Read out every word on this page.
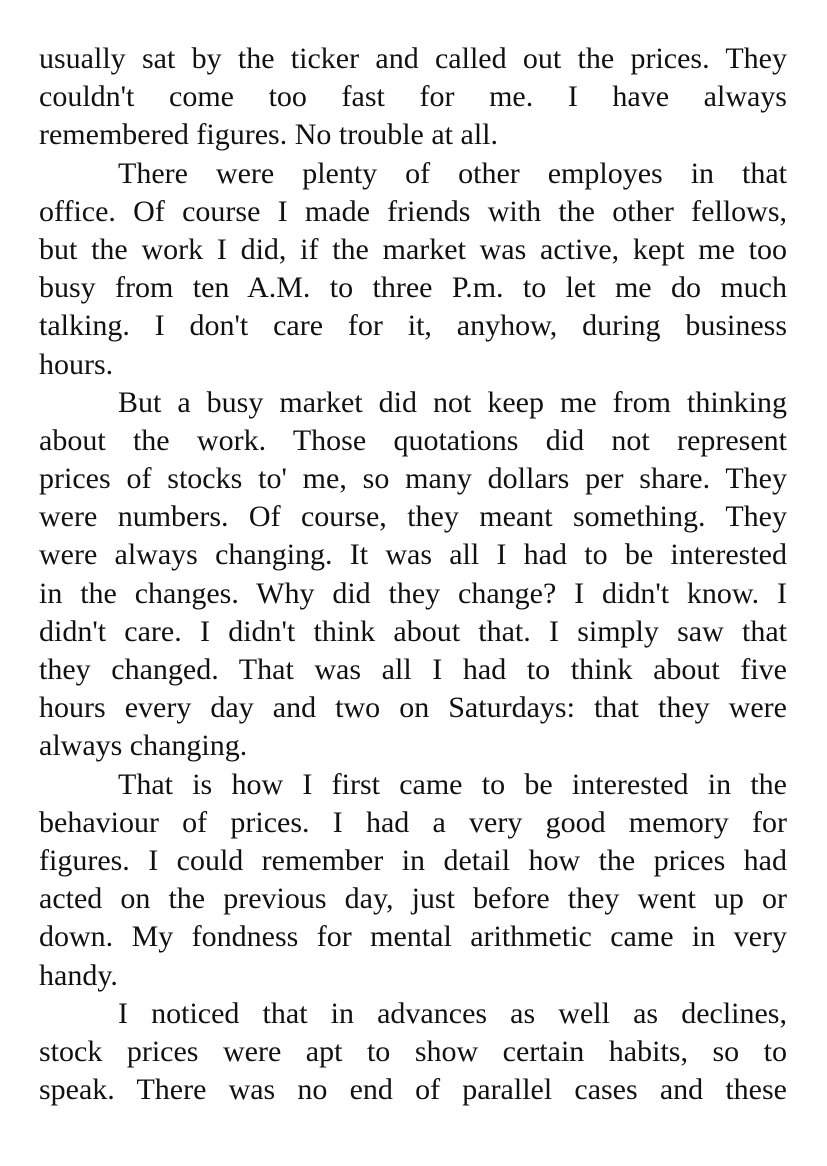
usually sat by the ticker and called out the prices. They
couldn't come too fast for me. I have always
remembered figures. No trouble at all.
There were plenty of other employes in that
office. Of course I made friends with the other fellows,
but the work I did, if the market was active, kept me too
busy from ten A.M. to three P.m. to let me do much
talking. I don't care for it, anyhow, during business
hours.
But a busy market did not keep me from thinking
about the work. Those quotations did not represent
prices of stocks to' me, so many dollars per share. They
were numbers. Of course, they meant something. They
were always changing. It was all I had to be interested
in the changes. Why did they change? I didn't know. I
didn't care. I didn't think about that. I simply saw that
they changed. That was all I had to think about five
hours every day and two on Saturdays: that they were
always changing.
That is how I first came to be interested in the
behaviour of prices. I had a very good memory for
figures. I could remember in detail how the prices had
acted on the previous day, just before they went up or
down. My fondness for mental arithmetic came in very
handy.
I noticed that in advances as well as declines,
stock prices were apt to show certain habits, so to
speak. There was no end of parallel cases and these
